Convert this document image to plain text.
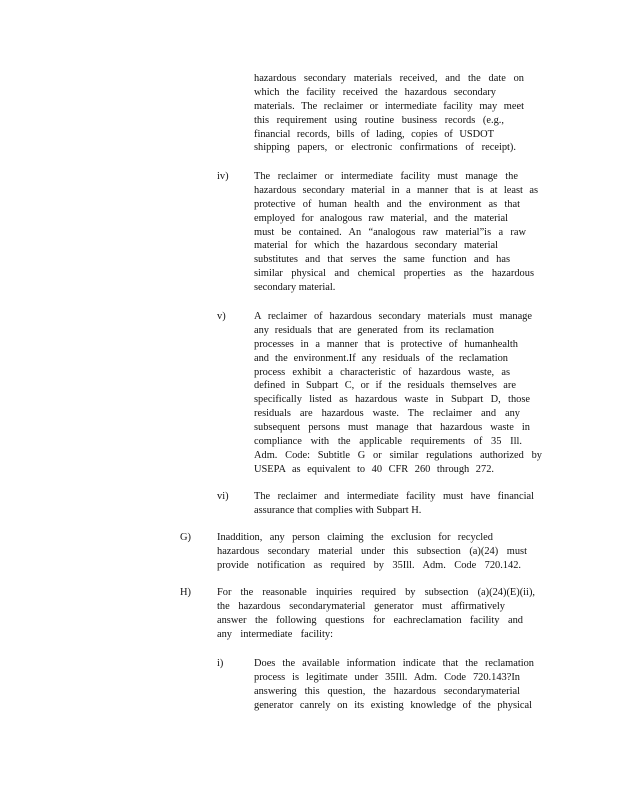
hazardous secondary materials received, and the date on
which the facility received the hazardous secondary
materials. The reclaimer or intermediate facility may meet
this requirement using routine business records (e.g.,
financial records, bills of lading, copies of USDOT
shipping papers, or electronic confirmations of receipt).
iv) The reclaimer or intermediate facility must manage the
hazardous secondary material in a manner that is at least as
protective of human health and the environment as that
employed for analogous raw material, and the material
must be contained. An “analogous raw material”is a raw
material for which the hazardous secondary material
substitutes and that serves the same function and has
similar physical and chemical properties as the hazardous
secondary material.
v)	A reclaimer of hazardous secondary materials must manage
any residuals that are generated from its reclamation
processes in a manner that is protective of humanhealth
and the environment.If any residuals of the reclamation
process exhibit a characteristic of hazardous waste, as
defined in Subpart C, or if the residuals themselves are
specifically listed as hazardous waste in Subpart D, those
residuals are hazardous waste. The reclaimer and any
subsequent persons must manage that hazardous waste in
compliance with the applicable requirements of 35 Ill.
Adm. Code: Subtitle G or similar regulations authorized by
USEPA as equivalent to 40 CFR 260 through 272.
vi) The reclaimer and intermediate facility must have financial
assurance that complies with Subpart H.
G)	Inaddition, any person claiming the exclusion for recycled
hazardous secondary material under this subsection (a)(24) must
provide notification as required by 35Ill. Adm. Code 720.142.
H)	For the reasonable inquiries required by subsection (a)(24)(E)(ii),
the hazardous secondarymaterial generator must affirmatively
answer the following questions for eachreclamation facility and
any intermediate facility:
i)	Does the available information indicate that the reclamation
process is legitimate under 35Ill. Adm. Code 720.143?In
answering this question, the hazardous secondarymaterial
generator canrely on its existing knowledge of the physical
